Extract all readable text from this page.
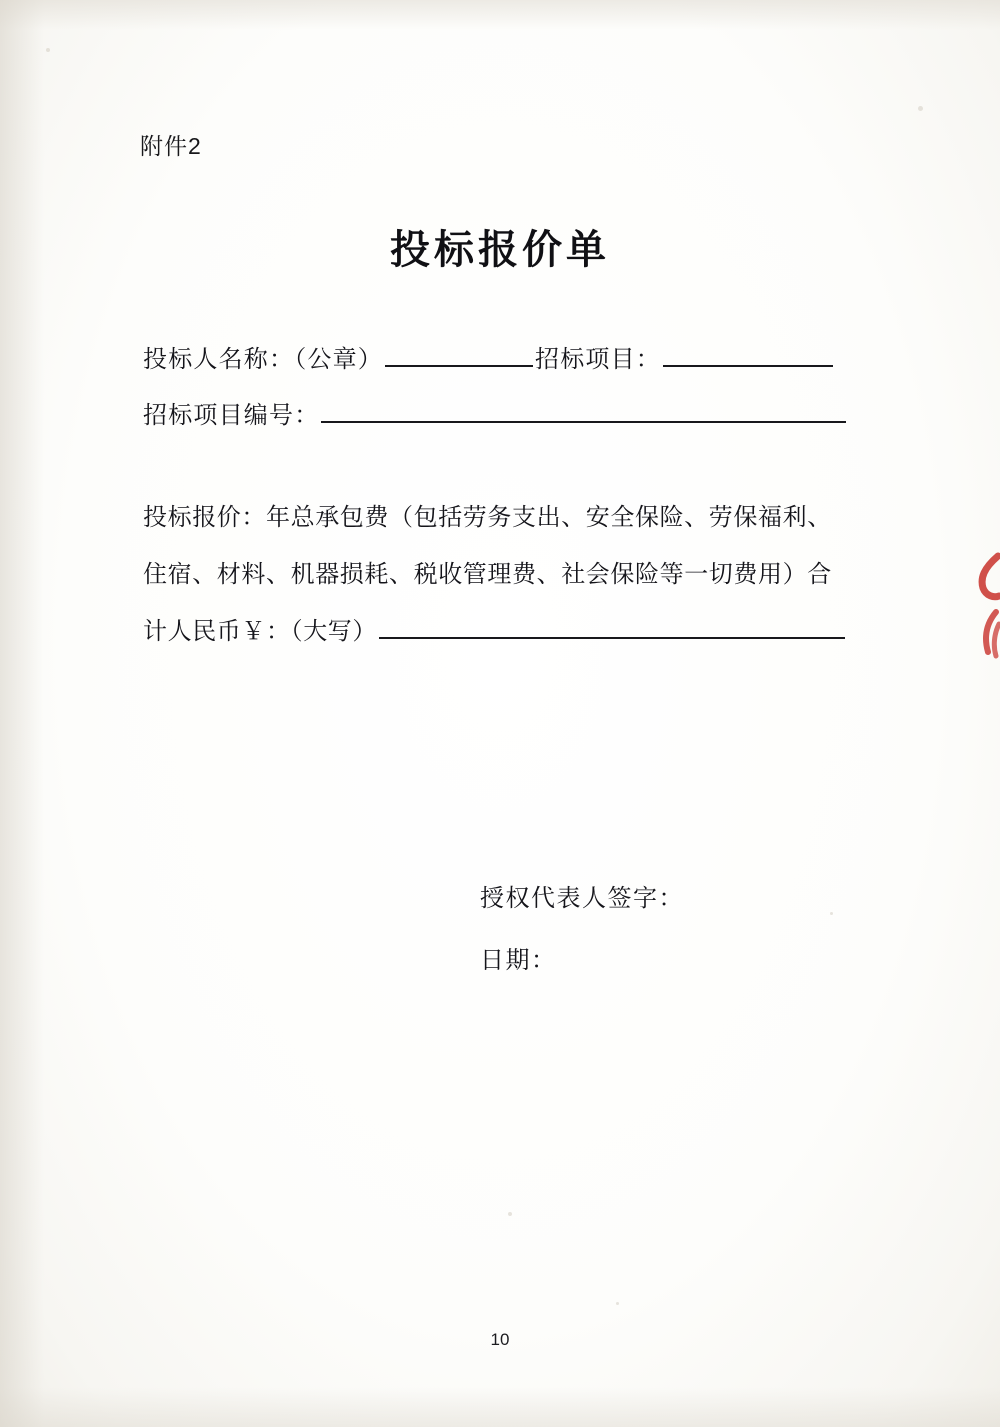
附件2
投标报价单
投标人名称：（公章）	招标项目：
招标项目编号：
投标报价：年总承包费（包括劳务支出、安全保险、劳保福利、
住宿、材料、机器损耗、税收管理费、社会保险等一切费用）合
计人民币￥：（大写）
授权代表人签字：
日期：
10
